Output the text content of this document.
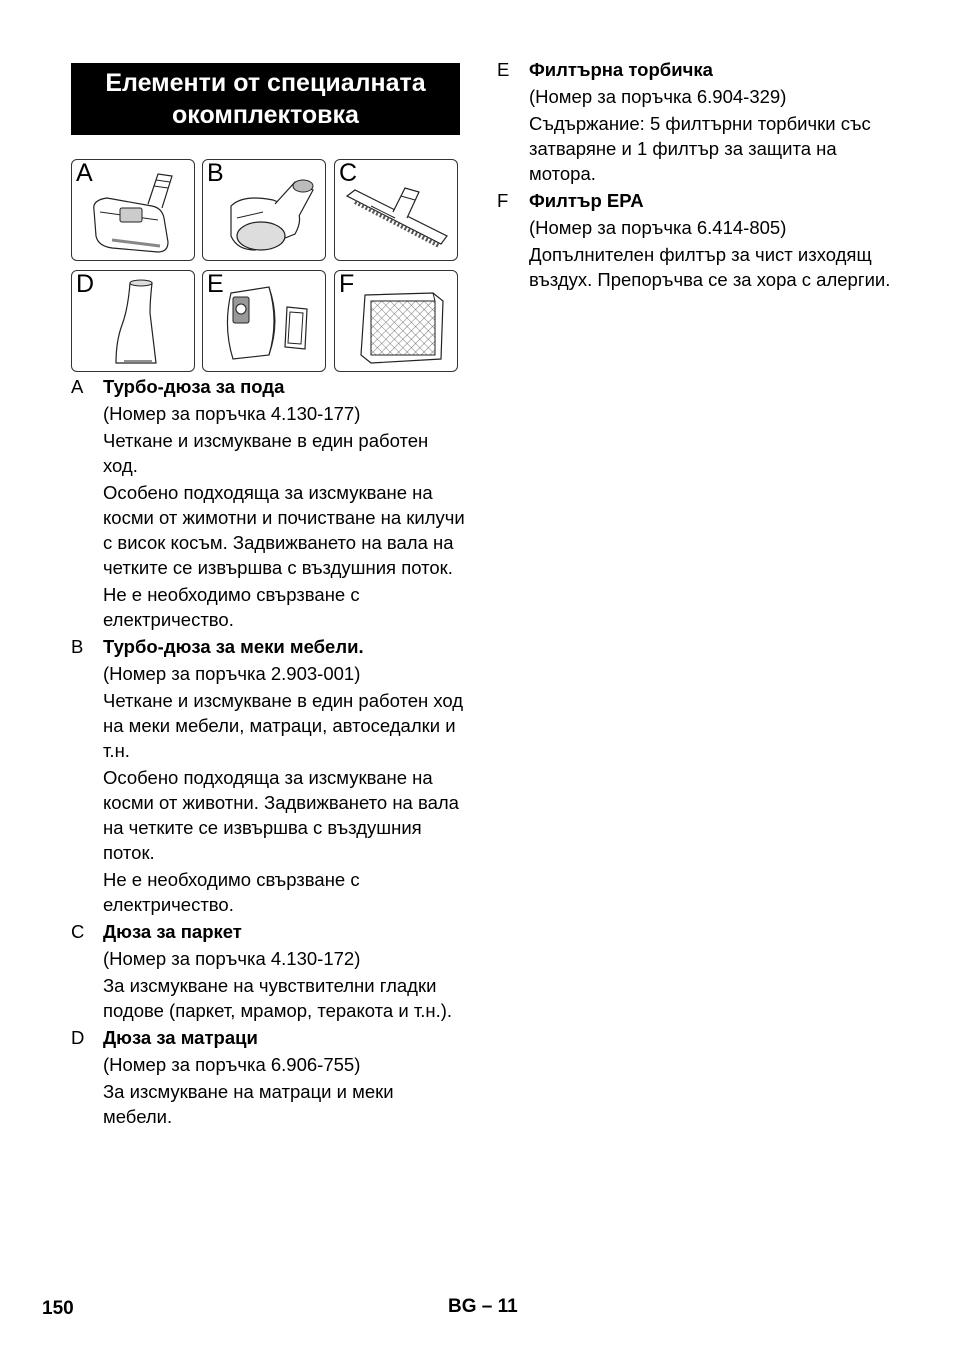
Елементи от специалната
окомплектовка
A	B	C
D	E	F
A Турбо-дюза за пода

(Номер за поръчка 4.130-177)

Четкане и изсмукване в един работен ход.

Особено подходяща за изсмукване на косми от жимотни и почистване на килучи с висок косъм. Задвижването на вала на четките се извършва с въздушния поток.

Не е необходимо свързване с електричество.

B Турбо-дюза за меки мебели.

(Номер за поръчка 2.903-001)

Четкане и изсмукване в един работен ход на меки мебели, матраци, автоседалки и т.н.

Особено подходяща за изсмукване на косми от животни. Задвижването на вала на четките се извършва с въздушния поток.

Не е необходимо свързване с електричество.

C Дюза за паркет

(Номер за поръчка 4.130-172)

За изсмукване на чувствителни гладки подове (паркет, мрамор, теракота и т.н.).

D Дюза за матраци

(Номер за поръчка 6.906-755)

За изсмукване на матраци и меки мебели.

E Филтърна торбичка

(Номер за поръчка 6.904-329)

Съдържание: 5 филтърни торбички със затваряне и 1 филтър за защита на мотора.

F Филтър EPA

(Номер за поръчка 6.414-805)

Допълнителен филтър за чист изходящ въздух. Препоръчва се за хора с алергии.

150	BG – 11
